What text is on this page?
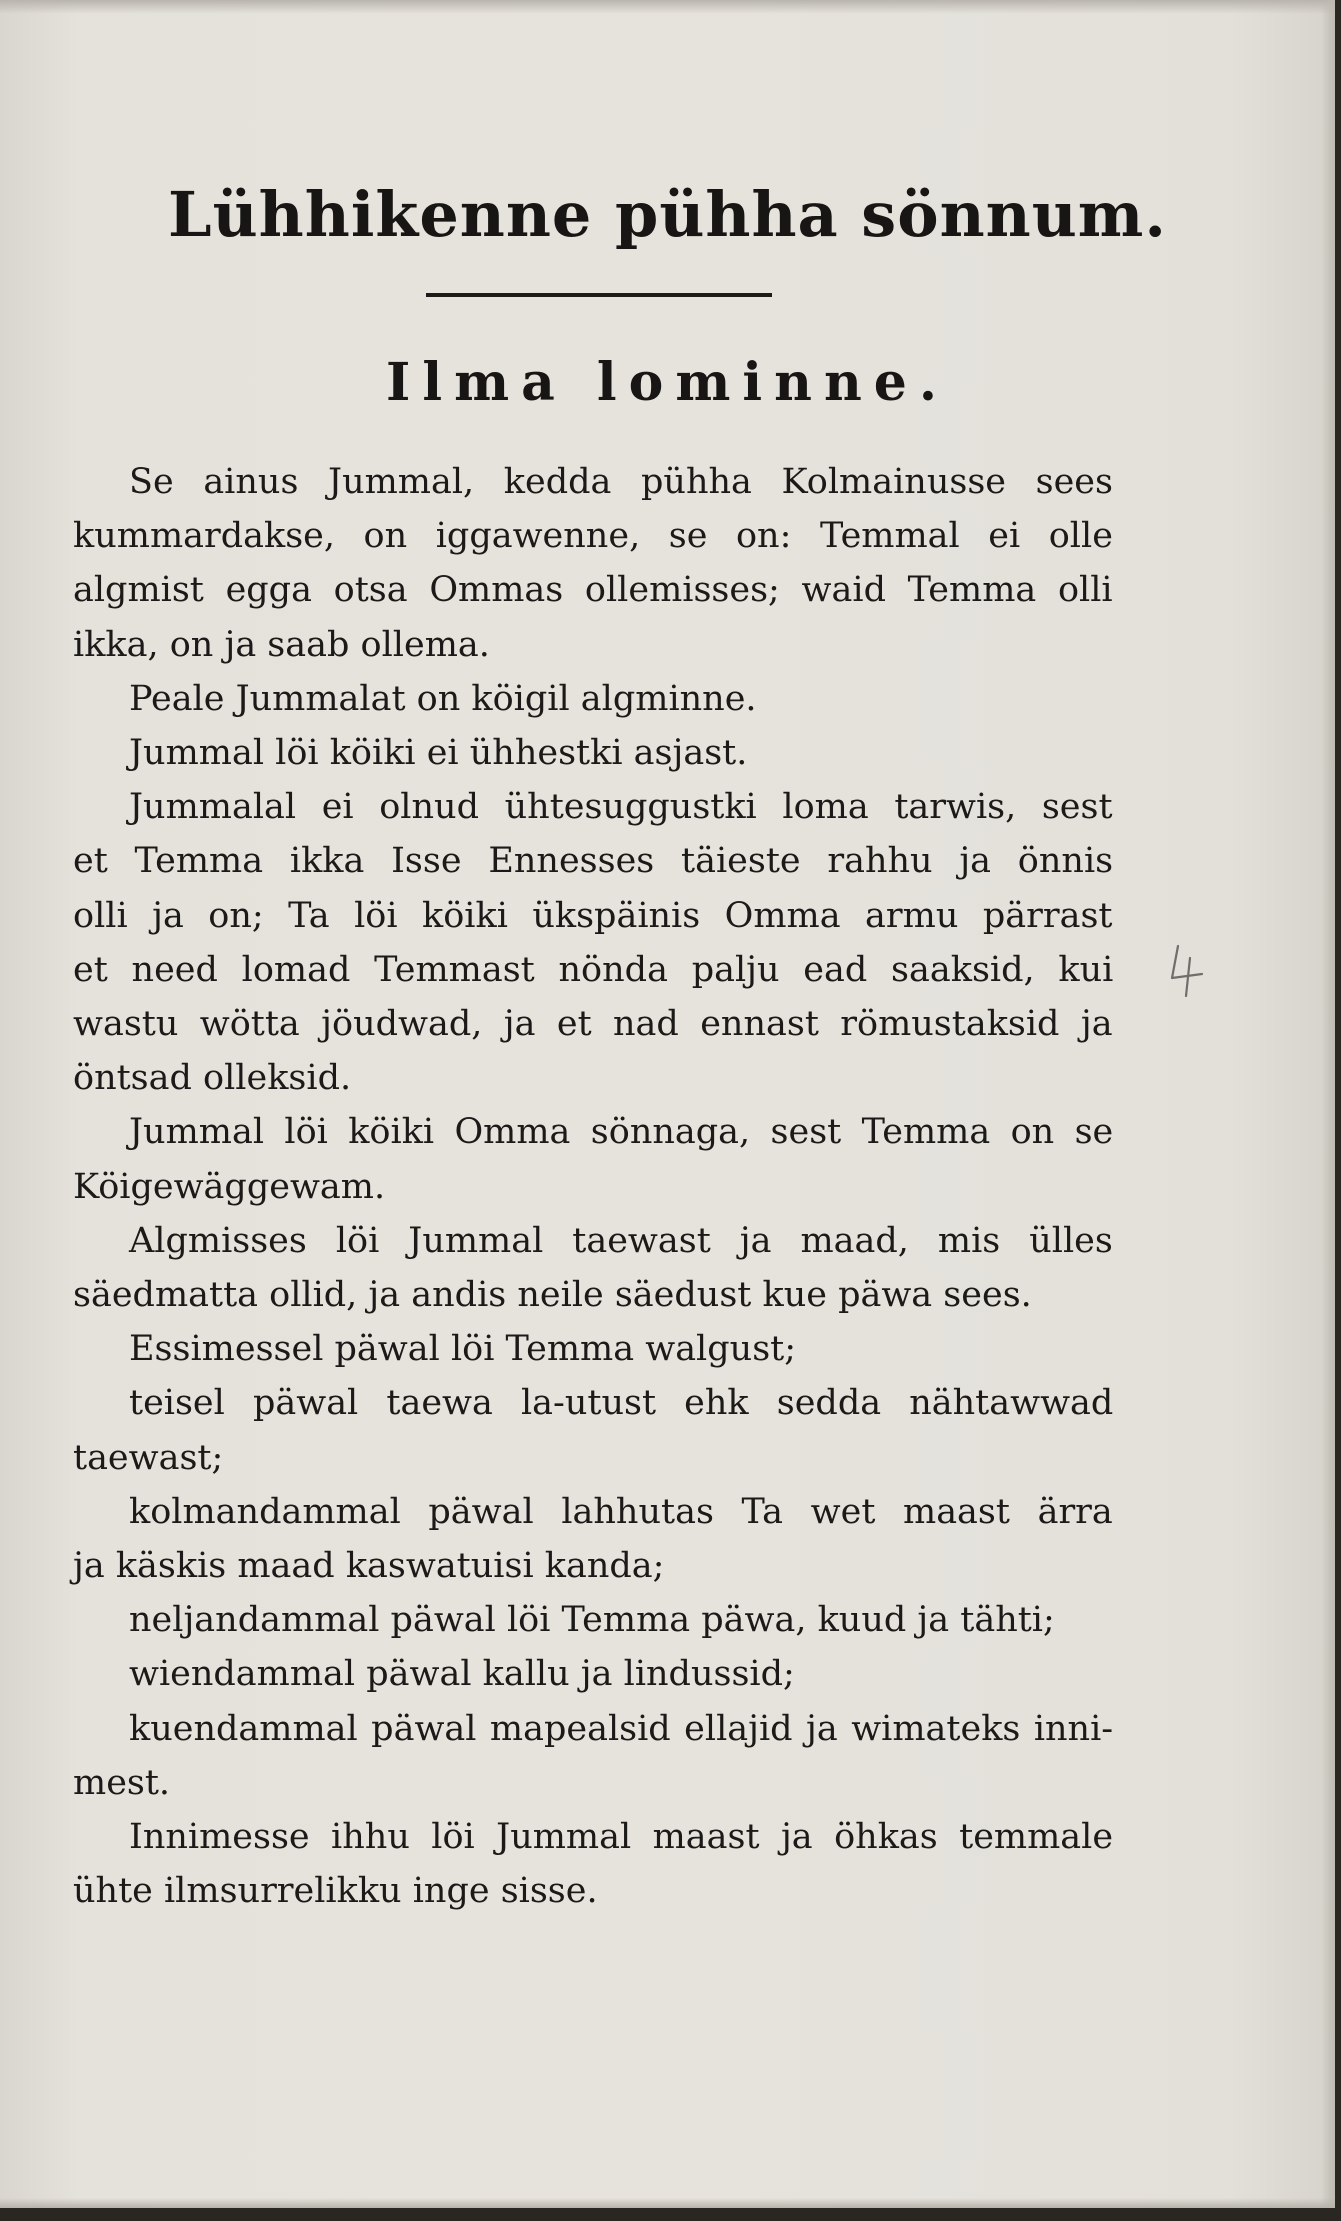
Lühhikenne pühha sönnum.
Ilma lominne.
Se ainus Jummal, kedda pühha Kolmainusse sees
kummardakse, on iggawenne, se on: Temmal ei olle
algmist egga otsa Ommas ollemisses; waid Temma olli
ikka, on ja saab ollema.
Peale Jummalat on köigil algminne.
Jummal löi köiki ei ühhestki asjast.
Jummalal ei olnud ühtesuggustki loma tarwis, sest
et Temma ikka Isse Ennesses täieste rahhu ja önnis
olli ja on; Ta löi köiki ükspäinis Omma armu pärrast
et need lomad Temmast nönda palju ead saaksid, kui
wastu wötta jöudwad, ja et nad ennast römustaksid ja
öntsad olleksid.
Jummal löi köiki Omma sönnaga, sest Temma on se
Köigewäggewam.
Algmisses löi Jummal taewast ja maad, mis ülles
säedmatta ollid, ja andis neile säedust kue päwa sees.
Essimessel päwal löi Temma walgust;
teisel päwal taewa la-utust ehk sedda nähtawwad
taewast;
kolmandammal päwal lahhutas Ta wet maast ärra
ja käskis maad kaswatuisi kanda;
neljandammal päwal löi Temma päwa, kuud ja tähti;
wiendammal päwal kallu ja lindussid;
kuendammal päwal mapealsid ellajid ja wimateks inni-
mest.
Innimesse ihhu löi Jummal maast ja öhkas temmale
ühte ilmsurrelikku inge sisse.
